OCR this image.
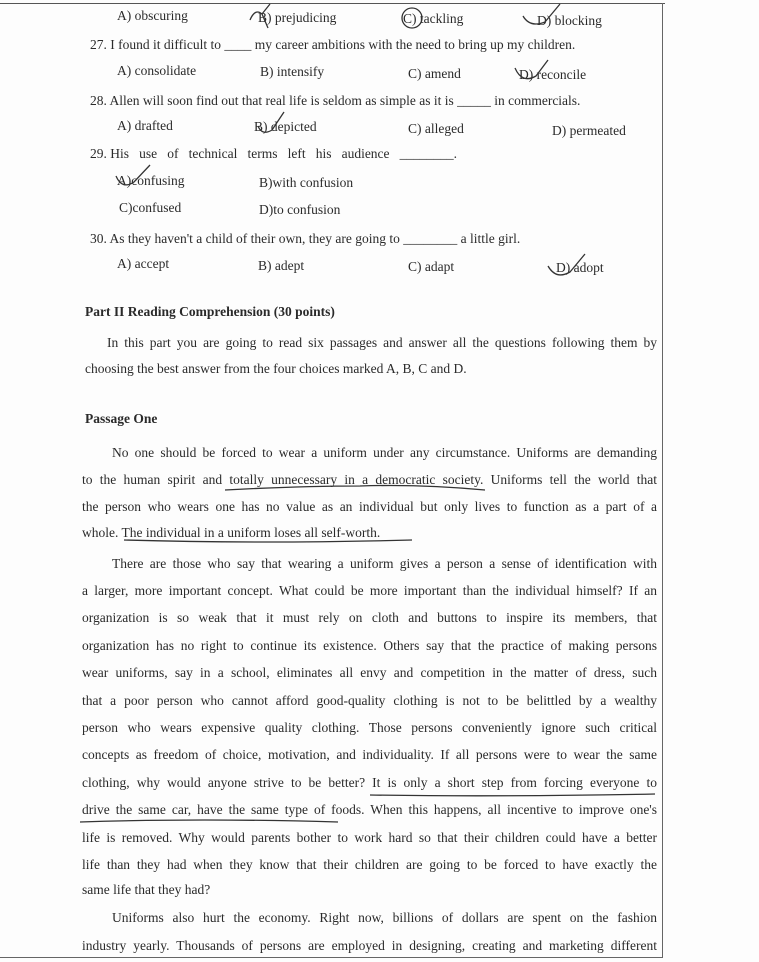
A) obscuring	B) prejudicing	C) tackling	D) blocking
27. I found it difficult to ____ my career ambitions with the need to bring up my children.
A) consolidate	B) intensify	C) amend	D) reconcile
28. Allen will soon find out that real life is seldom as simple as it is _____ in commercials.
A) drafted	B) depicted	C) alleged	D) permeated
29. His   use   of   technical   terms   left   his   audience   ________.
A)confusing	B)with confusion
C)confused	D)to confusion
30. As they haven't a child of their own, they are going to ________ a little girl.
A) accept	B) adept	C) adapt	D) adopt
Part II Reading Comprehension (30 points)
In this part you are going to read six passages and answer all the questions following them by
choosing the best answer from the four choices marked A, B, C and D.
Passage One
No one should be forced to wear a uniform under any circumstance. Uniforms are demanding
to the human spirit and totally unnecessary in a democratic society. Uniforms tell the world that
the person who wears one has no value as an individual but only lives to function as a part of a
whole. The individual in a uniform loses all self-worth.
There are those who say that wearing a uniform gives a person a sense of identification with
a larger, more important concept. What could be more important than the individual himself? If an
organization is so weak that it must rely on cloth and buttons to inspire its members, that
organization has no right to continue its existence. Others say that the practice of making persons
wear uniforms, say in a school, eliminates all envy and competition in the matter of dress, such
that a poor person who cannot afford good-quality clothing is not to be belittled by a wealthy
person who wears expensive quality clothing. Those persons conveniently ignore such critical
concepts as freedom of choice, motivation, and individuality. If all persons were to wear the same
clothing, why would anyone strive to be better? It is only a short step from forcing everyone to
drive the same car, have the same type of foods. When this happens, all incentive to improve one's
life is removed. Why would parents bother to work hard so that their children could have a better
life than they had when they know that their children are going to be forced to have exactly the
same life that they had?
Uniforms also hurt the economy. Right now, billions of dollars are spent on the fashion
industry yearly. Thousands of persons are employed in designing, creating and marketing different
